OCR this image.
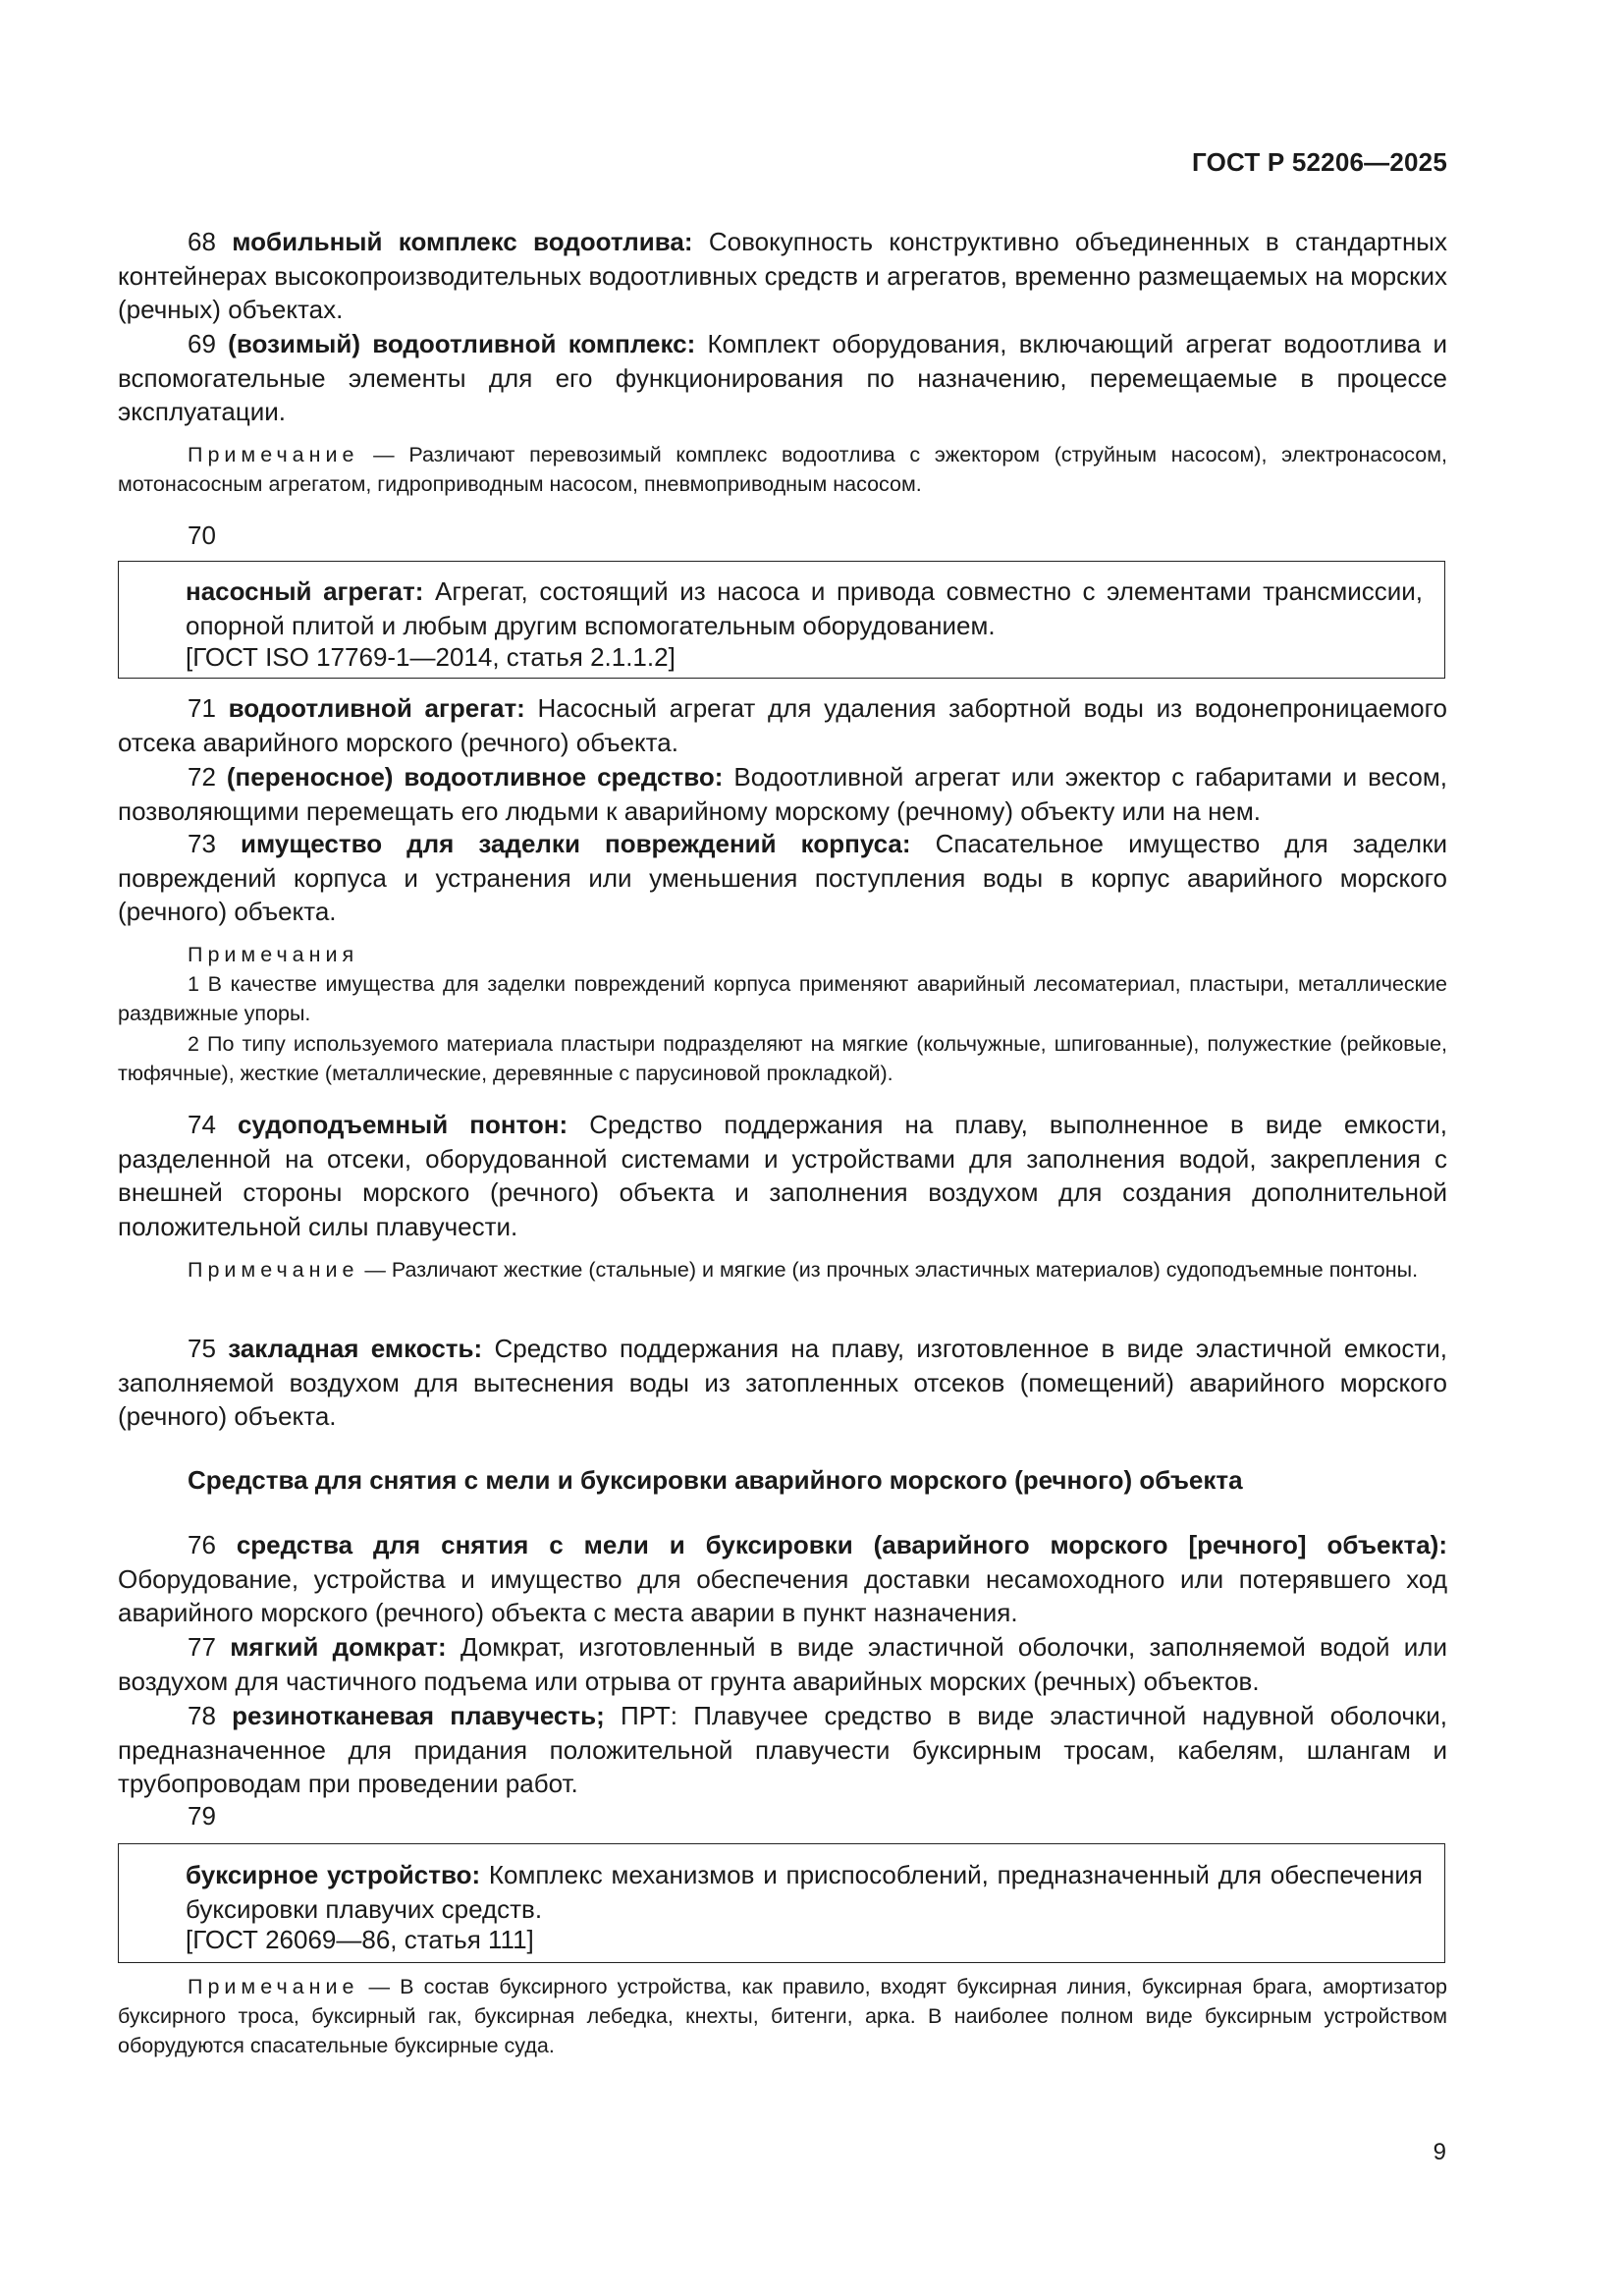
ГОСТ Р 52206—2025
68 мобильный комплекс водоотлива: Совокупность конструктивно объединенных в стандартных контейнерах высокопроизводительных водоотливных средств и агрегатов, временно размещаемых на морских (речных) объектах.
69 (возимый) водоотливной комплекс: Комплект оборудования, включающий агрегат водоотлива и вспомогательные элементы для его функционирования по назначению, перемещаемые в процессе эксплуатации.
Примечание — Различают перевозимый комплекс водоотлива с эжектором (струйным насосом), электронасосом, мотонасосным агрегатом, гидроприводным насосом, пневмоприводным насосом.
70
насосный агрегат: Агрегат, состоящий из насоса и привода совместно с элементами трансмиссии, опорной плитой и любым другим вспомогательным оборудованием.
[ГОСТ ISO 17769-1—2014, статья 2.1.1.2]
71 водоотливной агрегат: Насосный агрегат для удаления забортной воды из водонепроницаемого отсека аварийного морского (речного) объекта.
72 (переносное) водоотливное средство: Водоотливной агрегат или эжектор с габаритами и весом, позволяющими перемещать его людьми к аварийному морскому (речному) объекту или на нем.
73 имущество для заделки повреждений корпуса: Спасательное имущество для заделки повреждений корпуса и устранения или уменьшения поступления воды в корпус аварийного морского (речного) объекта.
Примечания
1 В качестве имущества для заделки повреждений корпуса применяют аварийный лесоматериал, пластыри, металлические раздвижные упоры.
2 По типу используемого материала пластыри подразделяют на мягкие (кольчужные, шпигованные), полужесткие (рейковые, тюфячные), жесткие (металлические, деревянные с парусиновой прокладкой).
74 судоподъемный понтон: Средство поддержания на плаву, выполненное в виде емкости, разделенной на отсеки, оборудованной системами и устройствами для заполнения водой, закрепления с внешней стороны морского (речного) объекта и заполнения воздухом для создания дополнительной положительной силы плавучести.
Примечание — Различают жесткие (стальные) и мягкие (из прочных эластичных материалов) судоподъемные понтоны.
75 закладная емкость: Средство поддержания на плаву, изготовленное в виде эластичной емкости, заполняемой воздухом для вытеснения воды из затопленных отсеков (помещений) аварийного морского (речного) объекта.
Средства для снятия с мели и буксировки аварийного морского (речного) объекта
76 средства для снятия с мели и буксировки (аварийного морского [речного] объекта): Оборудование, устройства и имущество для обеспечения доставки несамоходного или потерявшего ход аварийного морского (речного) объекта с места аварии в пункт назначения.
77 мягкий домкрат: Домкрат, изготовленный в виде эластичной оболочки, заполняемой водой или воздухом для частичного подъема или отрыва от грунта аварийных морских (речных) объектов.
78 резинотканевая плавучесть; ПРТ: Плавучее средство в виде эластичной надувной оболочки, предназначенное для придания положительной плавучести буксирным тросам, кабелям, шлангам и трубопроводам при проведении работ.
79
буксирное устройство: Комплекс механизмов и приспособлений, предназначенный для обеспечения буксировки плавучих средств.
[ГОСТ 26069—86, статья 111]
Примечание — В состав буксирного устройства, как правило, входят буксирная линия, буксирная брага, амортизатор буксирного троса, буксирный гак, буксирная лебедка, кнехты, битенги, арка. В наиболее полном виде буксирным устройством оборудуются спасательные буксирные суда.
9
